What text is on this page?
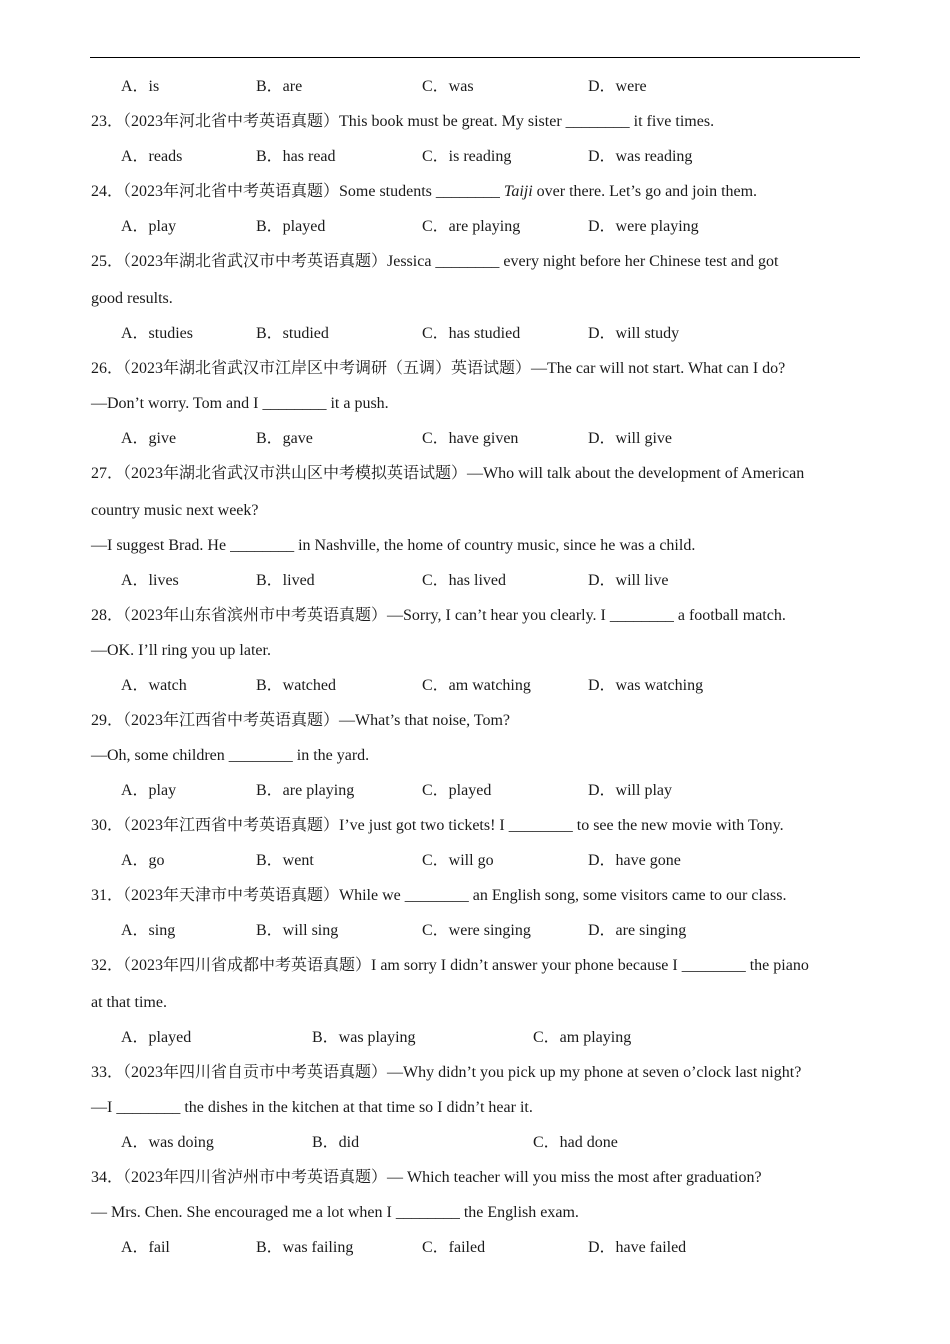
A．is	B．are	C．was	D．were
23．（2023年河北省中考英语真题）This book must be great. My sister ________ it five times.
A．reads	B．has read	C．is reading	D．was reading
24．（2023年河北省中考英语真题）Some students ________ Taiji over there. Let’s go and join them.
A．play	B．played	C．are playing	D．were playing
25．（2023年湖北省武汉市中考英语真题）Jessica ________ every night before her Chinese test and got
good results.
A．studies	B．studied	C．has studied	D．will study
26．（2023年湖北省武汉市江岸区中考调研（五调）英语试题）—The car will not start. What can I do?
—Don’t worry. Tom and I ________ it a push.
A．give	B．gave	C．have given	D．will give
27．（2023年湖北省武汉市洪山区中考模拟英语试题）—Who will talk about the development of American
country music next week?
—I suggest Brad. He ________ in Nashville, the home of country music, since he was a child.
A．lives	B．lived	C．has lived	D．will live
28．（2023年山东省滨州市中考英语真题）—Sorry, I can’t hear you clearly. I ________ a football match.
—OK. I’ll ring you up later.
A．watch	B．watched	C．am watching	D．was watching
29．（2023年江西省中考英语真题）—What’s that noise, Tom?
—Oh, some children ________ in the yard.
A．play	B．are playing	C．played	D．will play
30．（2023年江西省中考英语真题）I’ve just got two tickets! I ________ to see the new movie with Tony.
A．go	B．went	C．will go	D．have gone
31．（2023年天津市中考英语真题）While we ________ an English song, some visitors came to our class.
A．sing	B．will sing	C．were singing	D．are singing
32．（2023年四川省成都中考英语真题）I am sorry I didn’t answer your phone because I ________ the piano
at that time.
A．played	B．was playing	C．am playing
33．（2023年四川省自贡市中考英语真题）—Why didn’t you pick up my phone at seven o’clock last night?
—I ________ the dishes in the kitchen at that time so I didn’t hear it.
A．was doing	B．did	C．had done
34．（2023年四川省泸州市中考英语真题）— Which teacher will you miss the most after graduation?
— Mrs. Chen. She encouraged me a lot when I ________ the English exam.
A．fail	B．was failing	C．failed	D．have failed
